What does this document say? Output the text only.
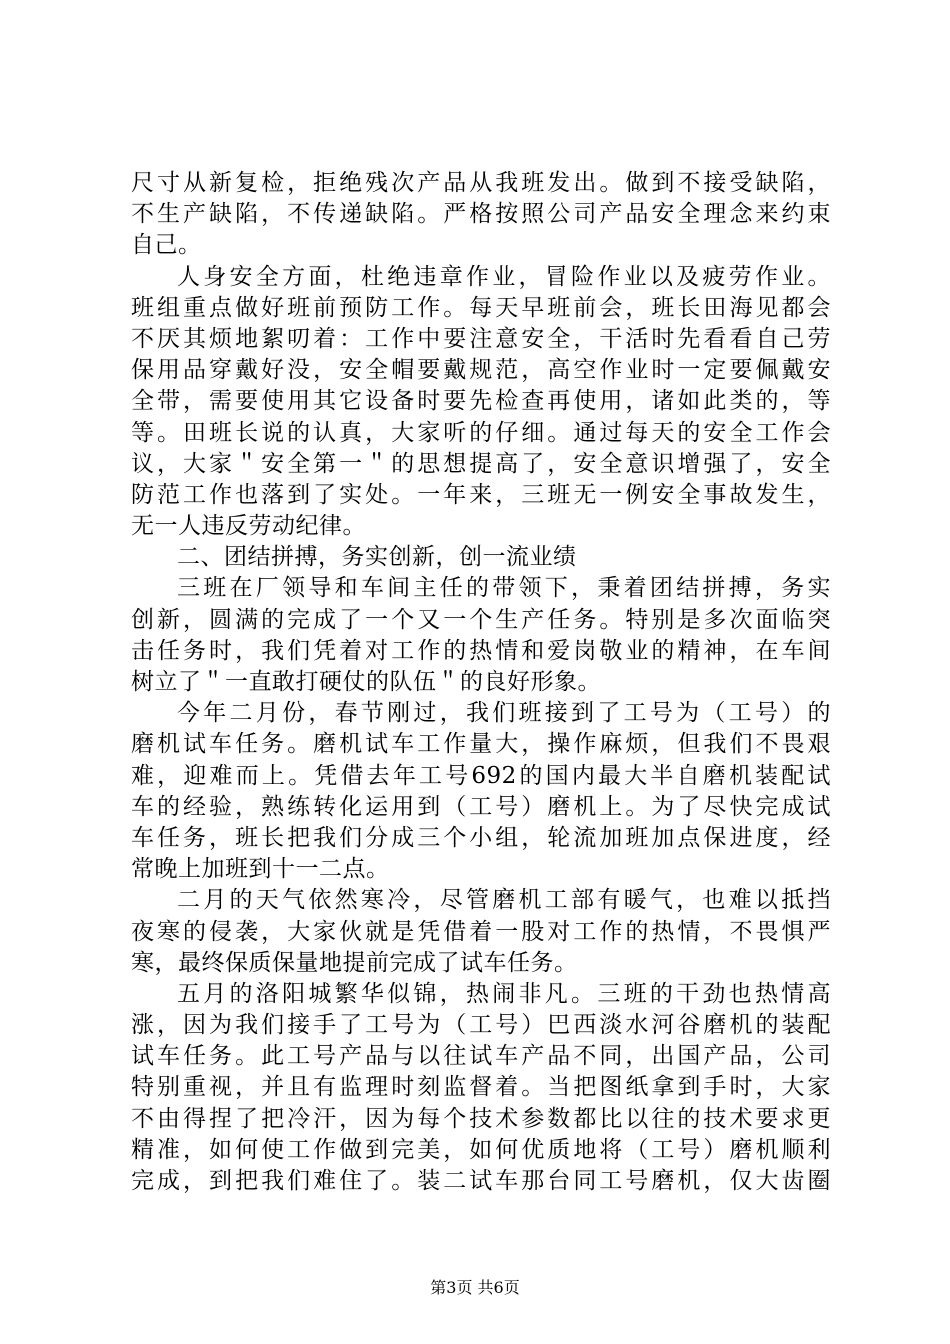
尺寸从新复检，拒绝残次产品从我班发出。做到不接受缺陷，
不生产缺陷，不传递缺陷。严格按照公司产品安全理念来约束
自己。
人身安全方面，杜绝违章作业，冒险作业以及疲劳作业。
班组重点做好班前预防工作。每天早班前会，班长田海见都会
不厌其烦地絮叨着：工作中要注意安全，干活时先看看自己劳
保用品穿戴好没，安全帽要戴规范，高空作业时一定要佩戴安
全带，需要使用其它设备时要先检查再使用，诸如此类的，等
等。田班长说的认真，大家听的仔细。通过每天的安全工作会
议，大家＂安全第一＂的思想提高了，安全意识增强了，安全
防范工作也落到了实处。一年来，三班无一例安全事故发生，
无一人违反劳动纪律。
二、团结拼搏，务实创新，创一流业绩
三班在厂领导和车间主任的带领下，秉着团结拼搏，务实
创新，圆满的完成了一个又一个生产任务。特别是多次面临突
击任务时，我们凭着对工作的热情和爱岗敬业的精神，在车间
树立了＂一直敢打硬仗的队伍＂的良好形象。
今年二月份，春节刚过，我们班接到了工号为（工号）的
磨机试车任务。磨机试车工作量大，操作麻烦，但我们不畏艰
难，迎难而上。凭借去年工号692的国内最大半自磨机装配试
车的经验，熟练转化运用到（工号）磨机上。为了尽快完成试
车任务，班长把我们分成三个小组，轮流加班加点保进度，经
常晚上加班到十一二点。
二月的天气依然寒冷，尽管磨机工部有暖气，也难以抵挡
夜寒的侵袭，大家伙就是凭借着一股对工作的热情，不畏惧严
寒，最终保质保量地提前完成了试车任务。
五月的洛阳城繁华似锦，热闹非凡。三班的干劲也热情高
涨，因为我们接手了工号为（工号）巴西淡水河谷磨机的装配
试车任务。此工号产品与以往试车产品不同，出国产品，公司
特别重视，并且有监理时刻监督着。当把图纸拿到手时，大家
不由得捏了把冷汗，因为每个技术参数都比以往的技术要求更
精准，如何使工作做到完美，如何优质地将（工号）磨机顺利
完成，到把我们难住了。装二试车那台同工号磨机，仅大齿圈
第3页 共6页
